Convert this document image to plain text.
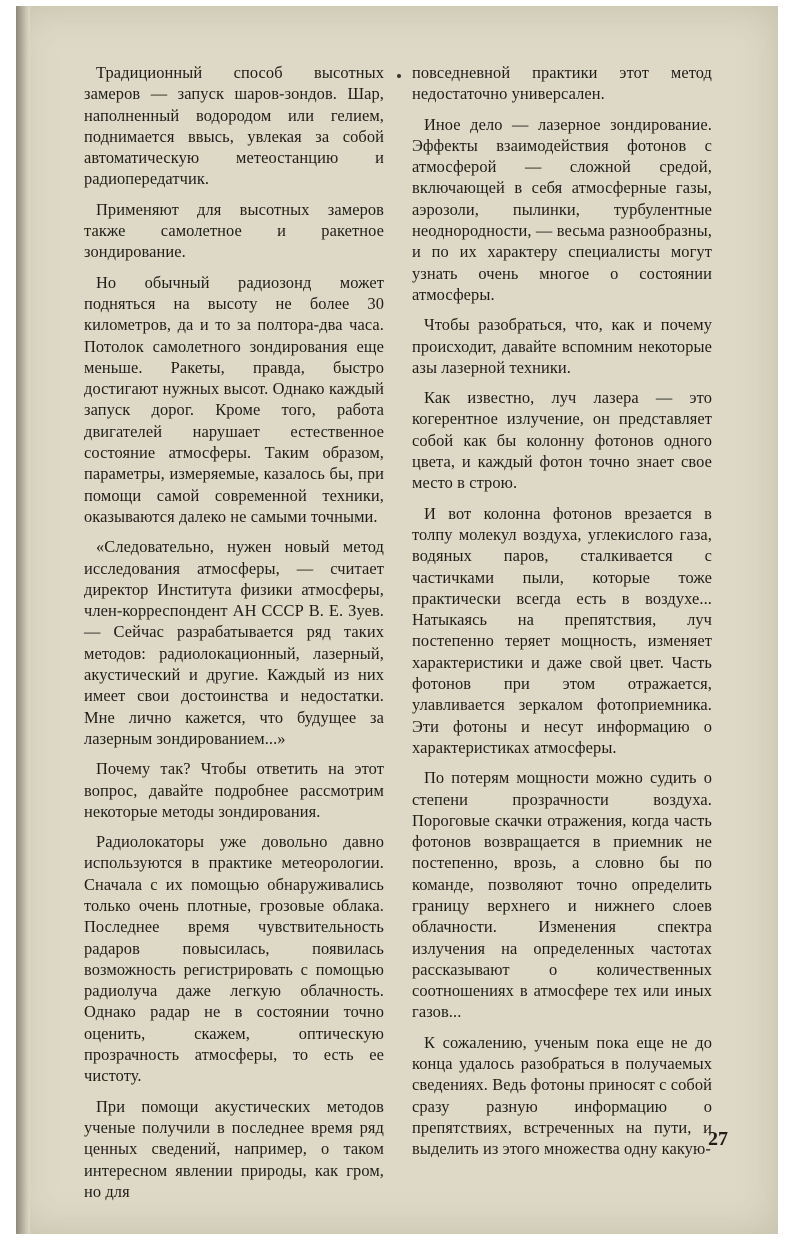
Традиционный способ высотных замеров — запуск шаров-зондов. Шар, наполненный водородом или гелием, поднимается ввысь, увлекая за собой автоматическую метеостанцию и радиопередатчик.

Применяют для высотных замеров также самолетное и ракетное зондирование.

Но обычный радиозонд может подняться на высоту не более 30 километров, да и то за полтора-два часа. Потолок самолетного зондирования еще меньше. Ракеты, правда, быстро достигают нужных высот. Однако каждый запуск дорог. Кроме того, работа двигателей нарушает естественное состояние атмосферы. Таким образом, параметры, измеряемые, казалось бы, при помощи самой современной техники, оказываются далеко не самыми точными.

«Следовательно, нужен новый метод исследования атмосферы, — считает директор Института физики атмосферы, член-корреспондент АН СССР В. Е. Зуев. — Сейчас разрабатывается ряд таких методов: радиолокационный, лазерный, акустический и другие. Каждый из них имеет свои достоинства и недостатки. Мне лично кажется, что будущее за лазерным зондированием...»

Почему так? Чтобы ответить на этот вопрос, давайте подробнее рассмотрим некоторые методы зондирования.

Радиолокаторы уже довольно давно используются в практике метеорологии. Сначала с их помощью обнаруживались только очень плотные, грозовые облака. Последнее время чувствительность радаров повысилась, появилась возможность регистрировать с помощью радиолуча даже легкую облачность. Однако радар не в состоянии точно оценить, скажем, оптическую прозрачность атмосферы, то есть ее чистоту.

При помощи акустических методов ученые получили в последнее время ряд ценных сведений, например, о таком интересном явлении природы, как гром, но для

повседневной практики этот метод недостаточно универсален.

Иное дело — лазерное зондирование. Эффекты взаимодействия фотонов с атмосферой — сложной средой, включающей в себя атмосферные газы, аэрозоли, пылинки, турбулентные неоднородности, — весьма разнообразны, и по их характеру специалисты могут узнать очень многое о состоянии атмосферы.

Чтобы разобраться, что, как и почему происходит, давайте вспомним некоторые азы лазерной техники.

Как известно, луч лазера — это когерентное излучение, он представляет собой как бы колонну фотонов одного цвета, и каждый фотон точно знает свое место в строю.

И вот колонна фотонов врезается в толпу молекул воздуха, углекислого газа, водяных паров, сталкивается с частичками пыли, которые тоже практически всегда есть в воздухе... Натыкаясь на препятствия, луч постепенно теряет мощность, изменяет характеристики и даже свой цвет. Часть фотонов при этом отражается, улавливается зеркалом фотоприемника. Эти фотоны и несут информацию о характеристиках атмосферы.

По потерям мощности можно судить о степени прозрачности воздуха. Пороговые скачки отражения, когда часть фотонов возвращается в приемник не постепенно, врозь, а словно бы по команде, позволяют точно определить границу верхнего и нижнего слоев облачности. Изменения спектра излучения на определенных частотах рассказывают о количественных соотношениях в атмосфере тех или иных газов...

К сожалению, ученым пока еще не до конца удалось разобраться в получаемых сведениях. Ведь фотоны приносят с собой сразу разную информацию о препятствиях, встреченных на пути, и выделить из этого множества одну какую-

27
